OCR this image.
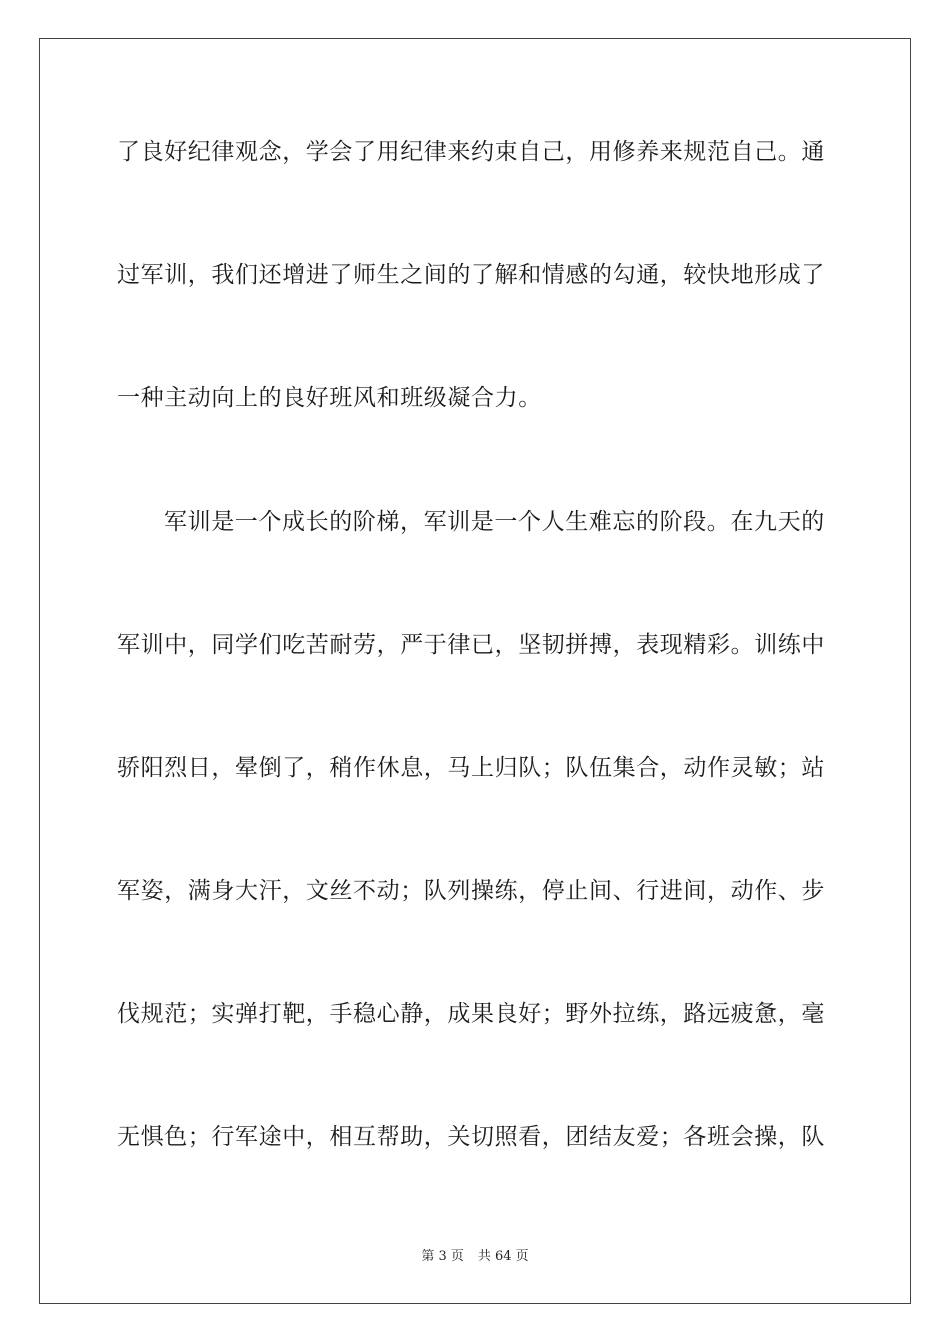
了良好纪律观念，学会了用纪律来约束自己，用修养来规范自己。通
过军训，我们还增进了师生之间的了解和情感的勾通，较快地形成了
一种主动向上的良好班风和班级凝合力。
军训是一个成长的阶梯，军训是一个人生难忘的阶段。在九天的
军训中，同学们吃苦耐劳，严于律已，坚韧拼搏，表现精彩。训练中
骄阳烈日，晕倒了，稍作休息，马上归队；队伍集合，动作灵敏；站
军姿，满身大汗，文丝不动；队列操练，停止间、行进间，动作、步
伐规范；实弹打靶，手稳心静，成果良好；野外拉练，路远疲惫，毫
无惧色；行军途中，相互帮助，关切照看，团结友爱；各班会操，队
第 3 页 共 64 页
